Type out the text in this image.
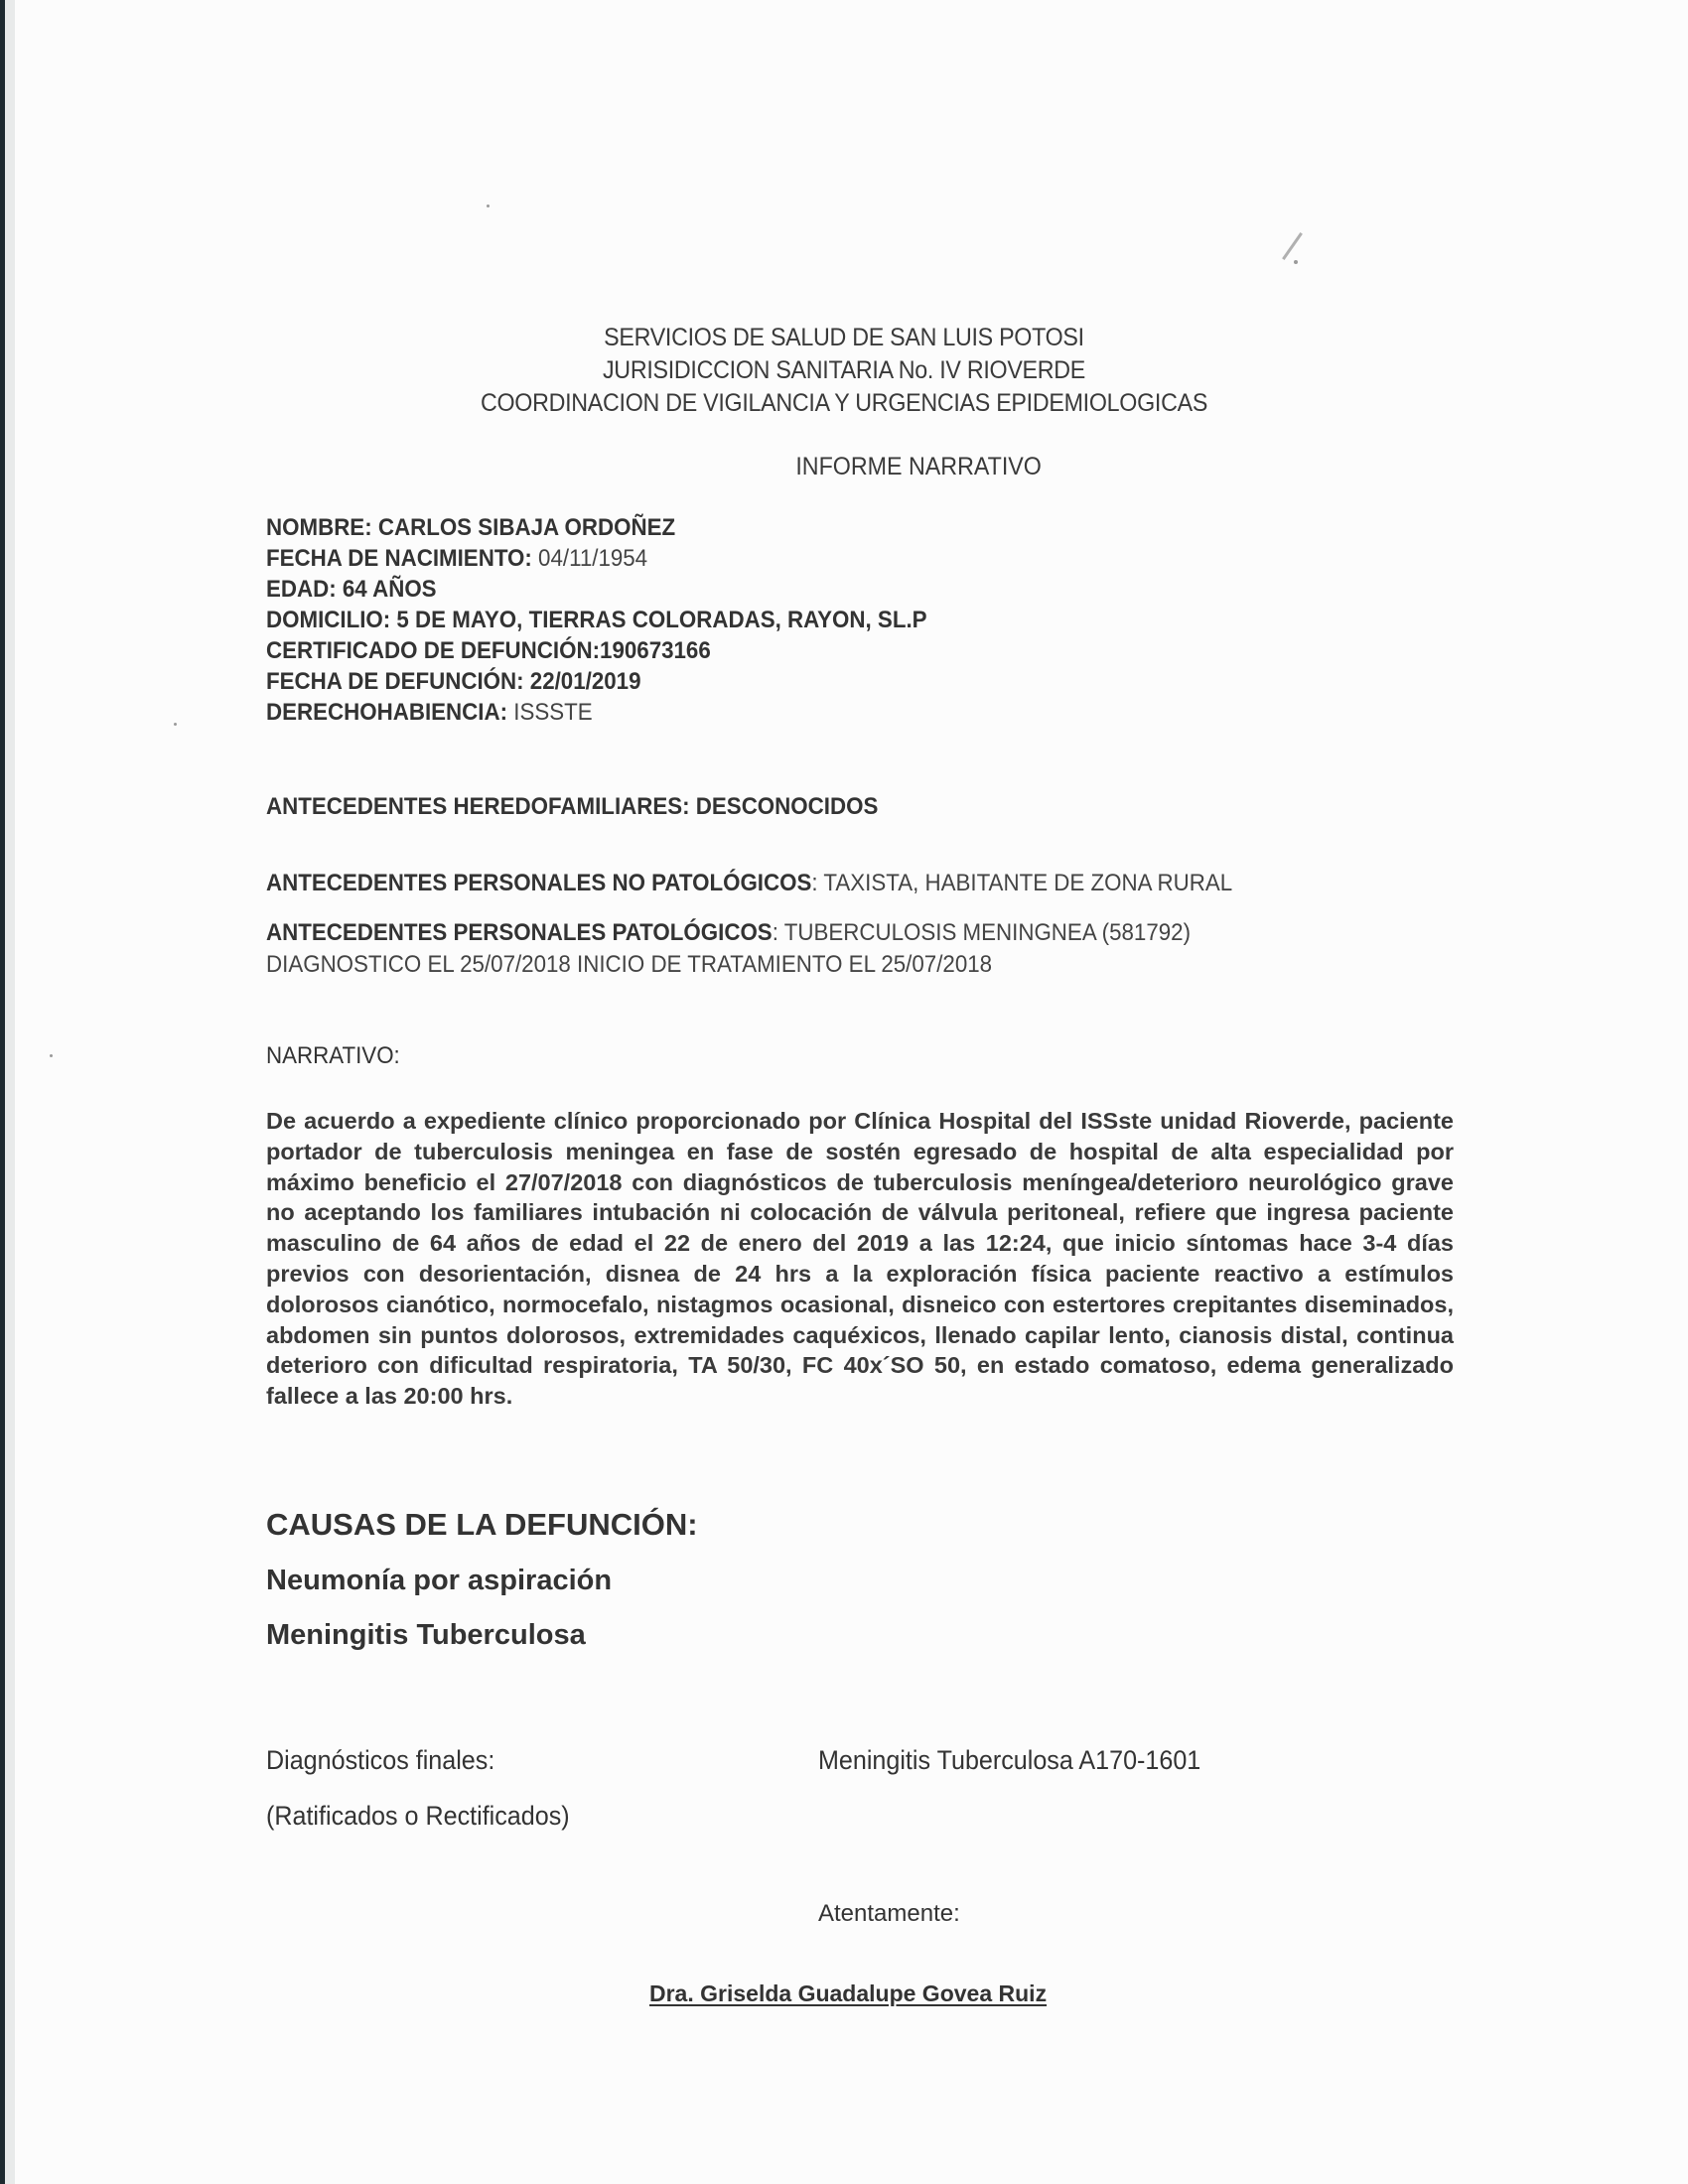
SERVICIOS DE SALUD DE SAN LUIS POTOSI
JURISIDICCION SANITARIA No. IV RIOVERDE
COORDINACION DE VIGILANCIA Y URGENCIAS EPIDEMIOLOGICAS
INFORME NARRATIVO
NOMBRE: CARLOS SIBAJA ORDOÑEZ
FECHA DE NACIMIENTO: 04/11/1954
EDAD: 64 AÑOS
DOMICILIO: 5 DE MAYO, TIERRAS COLORADAS, RAYON, SL.P
CERTIFICADO DE DEFUNCIÓN:190673166
FECHA DE DEFUNCIÓN: 22/01/2019
DERECHOHABIENCIA: ISSSTE
ANTECEDENTES HEREDOFAMILIARES: DESCONOCIDOS
ANTECEDENTES PERSONALES NO PATOLÓGICOS: TAXISTA, HABITANTE DE ZONA RURAL
ANTECEDENTES PERSONALES PATOLÓGICOS: TUBERCULOSIS MENINGNEA (581792)
DIAGNOSTICO EL 25/07/2018 INICIO DE TRATAMIENTO EL 25/07/2018
NARRATIVO:
De acuerdo a expediente clínico proporcionado por Clínica Hospital del ISSste unidad Rioverde, paciente portador de tuberculosis meningea en fase de sostén egresado de hospital de alta especialidad por máximo beneficio el 27/07/2018 con diagnósticos de tuberculosis meníngea/deterioro neurológico grave no aceptando los familiares intubación ni colocación de válvula peritoneal, refiere que ingresa paciente masculino de 64 años de edad el 22 de enero del 2019 a las 12:24, que inicio síntomas hace 3-4 días previos con desorientación, disnea de 24 hrs a la exploración física paciente reactivo a estímulos dolorosos cianótico, normocefalo, nistagmos ocasional, disneico con estertores crepitantes diseminados, abdomen sin puntos dolorosos, extremidades caquéxicos, llenado capilar lento, cianosis distal, continua deterioro con dificultad respiratoria, TA 50/30, FC 40x´SO 50, en estado comatoso, edema generalizado fallece a las 20:00 hrs.
CAUSAS DE LA DEFUNCIÓN:
Neumonía por aspiración
Meningitis Tuberculosa
Diagnósticos finales:
(Ratificados o Rectificados)
Meningitis Tuberculosa A170-1601
Atentamente:
Dra. Griselda Guadalupe Govea Ruiz
